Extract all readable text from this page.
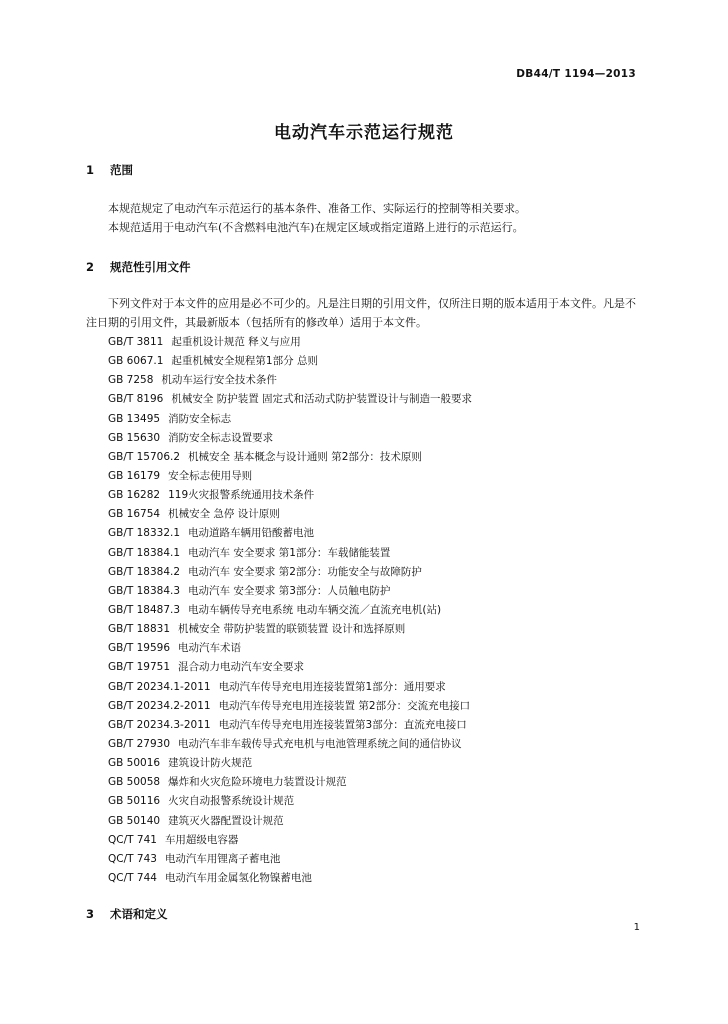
DB44/T 1194—2013
电动汽车示范运行规范
1 范围
本规范规定了电动汽车示范运行的基本条件、准备工作、实际运行的控制等相关要求。
本规范适用于电动汽车(不含燃料电池汽车)在规定区域或指定道路上进行的示范运行。
2 规范性引用文件
下列文件对于本文件的应用是必不可少的。凡是注日期的引用文件，仅所注日期的版本适用于本文件。凡是不注日期的引用文件，其最新版本（包括所有的修改单）适用于本文件。
GB/T 3811 起重机设计规范 释义与应用
GB 6067.1 起重机械安全规程第1部分 总则
GB 7258 机动车运行安全技术条件
GB/T 8196 机械安全 防护装置 固定式和活动式防护装置设计与制造一般要求
GB 13495 消防安全标志
GB 15630 消防安全标志设置要求
GB/T 15706.2 机械安全 基本概念与设计通则 第2部分：技术原则
GB 16179 安全标志使用导则
GB 16282 119火灾报警系统通用技术条件
GB 16754 机械安全 急停 设计原则
GB/T 18332.1 电动道路车辆用铅酸蓄电池
GB/T 18384.1 电动汽车 安全要求 第1部分：车载储能装置
GB/T 18384.2 电动汽车 安全要求 第2部分：功能安全与故障防护
GB/T 18384.3 电动汽车 安全要求 第3部分：人员触电防护
GB/T 18487.3 电动车辆传导充电系统 电动车辆交流／直流充电机(站)
GB/T 18831 机械安全 带防护装置的联锁装置 设计和选择原则
GB/T 19596 电动汽车术语
GB/T 19751 混合动力电动汽车安全要求
GB/T 20234.1-2011 电动汽车传导充电用连接装置第1部分：通用要求
GB/T 20234.2-2011 电动汽车传导充电用连接装置 第2部分：交流充电接口
GB/T 20234.3-2011 电动汽车传导充电用连接装置第3部分：直流充电接口
GB/T 27930 电动汽车非车载传导式充电机与电池管理系统之间的通信协议
GB 50016 建筑设计防火规范
GB 50058 爆炸和火灾危险环境电力装置设计规范
GB 50116 火灾自动报警系统设计规范
GB 50140 建筑灭火器配置设计规范
QC/T 741 车用超级电容器
QC/T 743 电动汽车用锂离子蓄电池
QC/T 744 电动汽车用金属氢化物镍蓄电池
3 术语和定义
1
